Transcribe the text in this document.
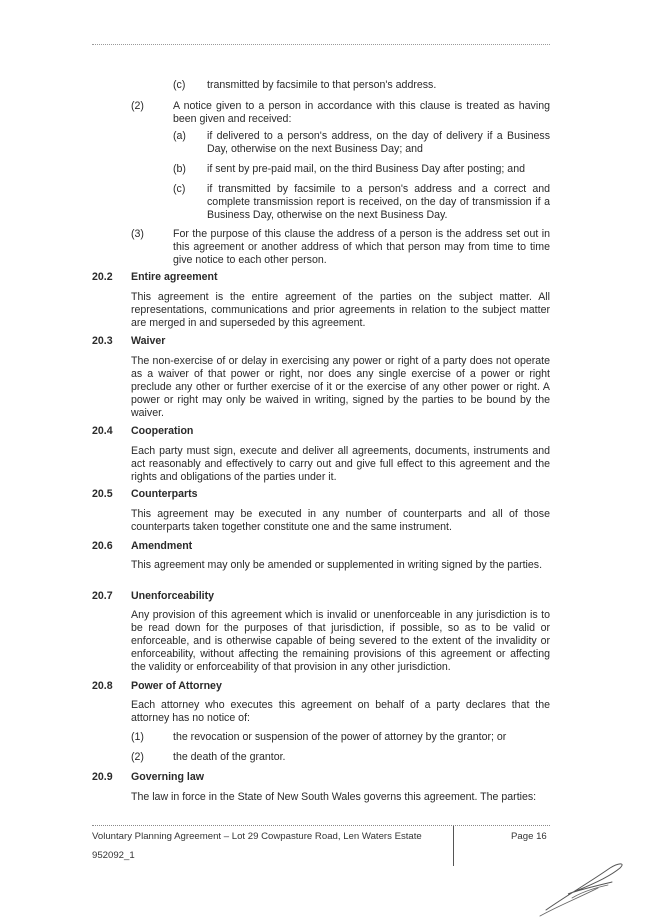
(c) transmitted by facsimile to that person's address.
(2)	A notice given to a person in accordance with this clause is treated as having been given and received:
(a) if delivered to a person's address, on the day of delivery if a Business Day, otherwise on the next Business Day; and
(b) if sent by pre-paid mail, on the third Business Day after posting; and
(c) if transmitted by facsimile to a person's address and a correct and complete transmission report is received, on the day of transmission if a Business Day, otherwise on the next Business Day.
(3)	For the purpose of this clause the address of a person is the address set out in this agreement or another address of which that person may from time to time give notice to each other person.
20.2 Entire agreement
This agreement is the entire agreement of the parties on the subject matter. All representations, communications and prior agreements in relation to the subject matter are merged in and superseded by this agreement.
20.3 Waiver
The non-exercise of or delay in exercising any power or right of a party does not operate as a waiver of that power or right, nor does any single exercise of a power or right preclude any other or further exercise of it or the exercise of any other power or right. A power or right may only be waived in writing, signed by the parties to be bound by the waiver.
20.4 Cooperation
Each party must sign, execute and deliver all agreements, documents, instruments and act reasonably and effectively to carry out and give full effect to this agreement and the rights and obligations of the parties under it.
20.5 Counterparts
This agreement may be executed in any number of counterparts and all of those counterparts taken together constitute one and the same instrument.
20.6 Amendment
This agreement may only be amended or supplemented in writing signed by the parties.
20.7 Unenforceability
Any provision of this agreement which is invalid or unenforceable in any jurisdiction is to be read down for the purposes of that jurisdiction, if possible, so as to be valid or enforceable, and is otherwise capable of being severed to the extent of the invalidity or enforceability, without affecting the remaining provisions of this agreement or affecting the validity or enforceability of that provision in any other jurisdiction.
20.8 Power of Attorney
Each attorney who executes this agreement on behalf of a party declares that the attorney has no notice of:
(1)	the revocation or suspension of the power of attorney by the grantor; or
(2)	the death of the grantor.
20.9 Governing law
The law in force in the State of New South Wales governs this agreement. The parties:
Voluntary Planning Agreement – Lot 29 Cowpasture Road, Len Waters Estate	Page 16
952092_1
